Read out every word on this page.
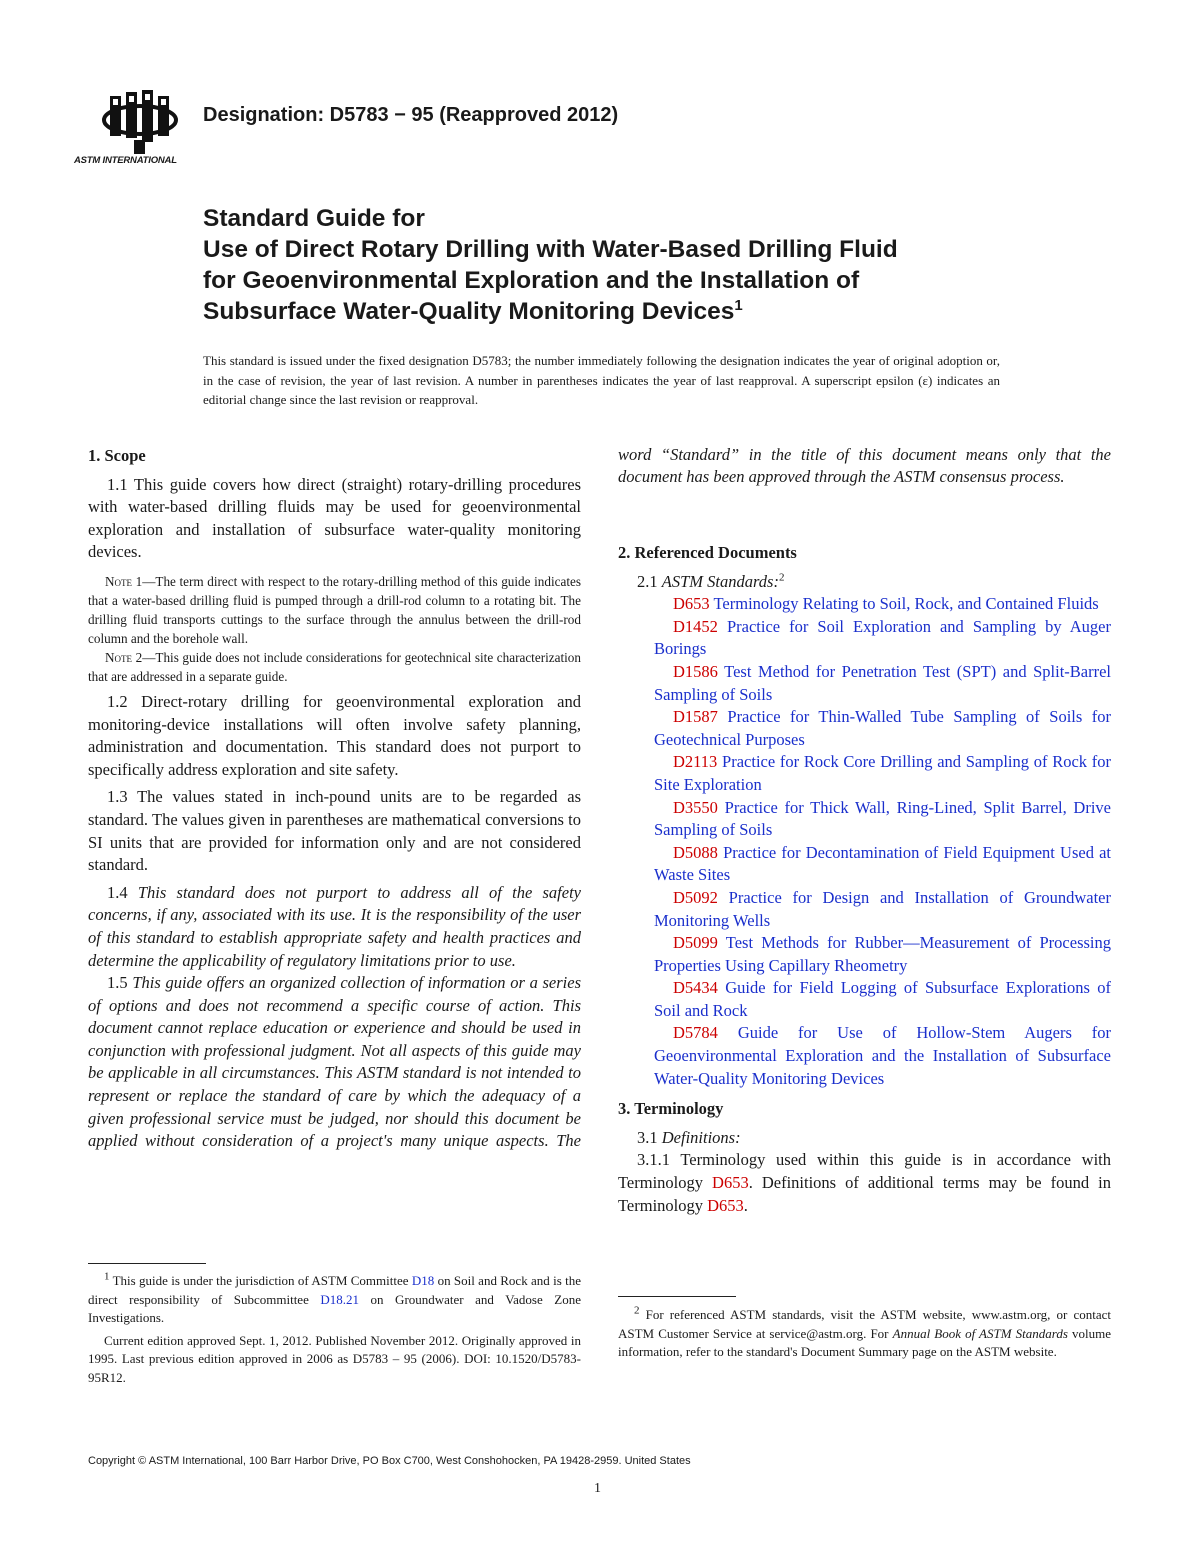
ASTM INTERNATIONAL
Designation: D5783 − 95 (Reapproved 2012)
Standard Guide for
Use of Direct Rotary Drilling with Water-Based Drilling Fluid
for Geoenvironmental Exploration and the Installation of
Subsurface Water-Quality Monitoring Devices$^1$
This standard is issued under the fixed designation D5783; the number immediately following the designation indicates the year of original adoption or, in the case of revision, the year of last revision. A number in parentheses indicates the year of last reapproval. A superscript epsilon (ε) indicates an editorial change since the last revision or reapproval.
1. Scope

1.1 This guide covers how direct (straight) rotary-drilling procedures with water-based drilling fluids may be used for geoenvironmental exploration and installation of subsurface water-quality monitoring devices.

Note 1—The term direct with respect to the rotary-drilling method of this guide indicates that a water-based drilling fluid is pumped through a drill-rod column to a rotating bit. The drilling fluid transports cuttings to the surface through the annulus between the drill-rod column and the borehole wall.
Note 2—This guide does not include considerations for geotechnical site characterization that are addressed in a separate guide.

1.2 Direct-rotary drilling for geoenvironmental exploration and monitoring-device installations will often involve safety planning, administration and documentation. This standard does not purport to specifically address exploration and site safety.

1.3 The values stated in inch-pound units are to be regarded as standard. The values given in parentheses are mathematical conversions to SI units that are provided for information only and are not considered standard.

1.4 This standard does not purport to address all of the safety concerns, if any, associated with its use. It is the responsibility of the user of this standard to establish appropriate safety and health practices and determine the applicability of regulatory limitations prior to use.

1.5 This guide offers an organized collection of information or a series of options and does not recommend a specific course of action. This document cannot replace education or experience and should be used in conjunction with professional judgment. Not all aspects of this guide may be applicable in all circumstances. This ASTM standard is not intended to represent or replace the standard of care by which the adequacy of a given professional service must be judged, nor should this document be applied without consideration of a project's many unique aspects. The

word “Standard” in the title of this document means only that the document has been approved through the ASTM consensus process.

2. Referenced Documents

2.1 ASTM Standards:$^2$

D653 Terminology Relating to Soil, Rock, and Contained Fluids

D1452 Practice for Soil Exploration and Sampling by Auger Borings

D1586 Test Method for Penetration Test (SPT) and Split-Barrel Sampling of Soils

D1587 Practice for Thin-Walled Tube Sampling of Soils for Geotechnical Purposes

D2113 Practice for Rock Core Drilling and Sampling of Rock for Site Exploration

D3550 Practice for Thick Wall, Ring-Lined, Split Barrel, Drive Sampling of Soils

D5088 Practice for Decontamination of Field Equipment Used at Waste Sites

D5092 Practice for Design and Installation of Groundwater Monitoring Wells

D5099 Test Methods for Rubber—Measurement of Processing Properties Using Capillary Rheometry

D5434 Guide for Field Logging of Subsurface Explorations of Soil and Rock

D5784 Guide for Use of Hollow-Stem Augers for Geoenvironmental Exploration and the Installation of Subsurface Water-Quality Monitoring Devices

3. Terminology

3.1 Definitions:

3.1.1 Terminology used within this guide is in accordance with Terminology D653. Definitions of additional terms may be found in Terminology D653.

$^1$ This guide is under the jurisdiction of ASTM Committee D18 on Soil and Rock and is the direct responsibility of Subcommittee D18.21 on Groundwater and Vadose Zone Investigations.

Current edition approved Sept. 1, 2012. Published November 2012. Originally approved in 1995. Last previous edition approved in 2006 as D5783 – 95 (2006). DOI: 10.1520/D5783-95R12.

$^2$ For referenced ASTM standards, visit the ASTM website, www.astm.org, or contact ASTM Customer Service at service@astm.org. For Annual Book of ASTM Standards volume information, refer to the standard's Document Summary page on the ASTM website.

Copyright © ASTM International, 100 Barr Harbor Drive, PO Box C700, West Conshohocken, PA 19428-2959. United States
1
